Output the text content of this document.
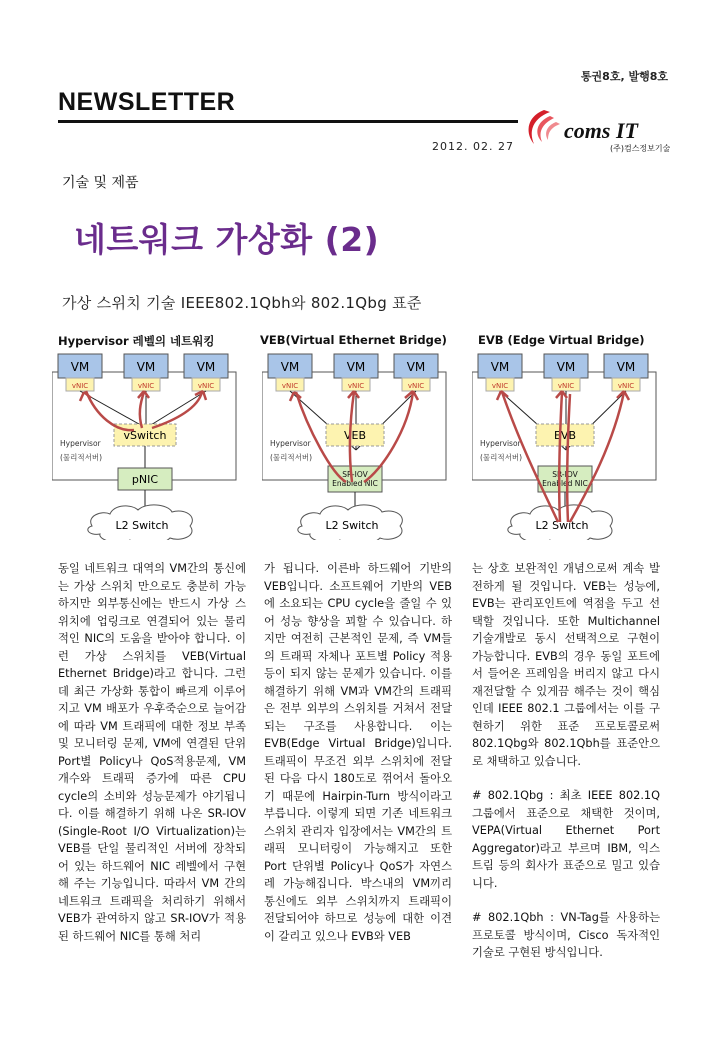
통권8호, 발행8호
NEWSLETTER
2012. 02. 27
coms IT
(주)컴스정보기술
기술 및 제품
네트워크 가상화 (2)
가상 스위치 기술 IEEE802.1Qbh와 802.1Qbg 표준
Hypervisor 레벨의 네트워킹	VEB(Virtual Ethernet Bridge)	EVB (Edge Virtual Bridge)
VM	VM	VM
vNIC	vNIC	vNIC
vSwitch
Hypervisor
(물리적서버)
pNIC
L2 Switch
VM	VM	VM
vNIC	vNIC	vNIC
VEB
Hypervisor
(물리적서버)
SR-IOV Enabled NIC
L2 Switch
VM	VM	VM
vNIC	vNIC	vNIC
EVB
Hypervisor
(물리적서버)
SR-IOV Enabled NIC
L2 Switch

동일 네트워크 대역의 VM간의 통신에는 가상 스위치 만으로도 충분히 가능하지만 외부통신에는 반드시 가상 스위치에 업링크로 연결되어 있는 물리적인 NIC의 도움을 받아야 합니다. 이런 가상 스위치를 VEB(Virtual Ethernet Bridge)라고 합니다. 그런데 최근 가상화 통합이 빠르게 이루어지고 VM 배포가 우후죽순으로 늘어감에 따라 VM 트래픽에 대한 정보 부족 및 모니터링 문제, VM에 연결된 단위 Port별 Policy나 QoS적용문제, VM 개수와 트래픽 증가에 따른 CPU cycle의 소비와 성능문제가 야기됩니다. 이를 해결하기 위해 나온 SR-IOV (Single-Root I/O Virtualization)는 VEB를 단일 물리적인 서버에 장착되어 있는 하드웨어 NIC 레벨에서 구현해 주는 기능입니다. 따라서 VM 간의 네트워크 트래픽을 처리하기 위해서 VEB가 관여하지 않고 SR-IOV가 적용된 하드웨어 NIC를 통해 처리

가 됩니다. 이른바 하드웨어 기반의 VEB입니다. 소프트웨어 기반의 VEB에 소요되는 CPU cycle을 줄일 수 있어 성능 향상을 꾀할 수 있습니다. 하지만 여전히 근본적인 문제, 즉 VM들의 트래픽 자체나 포트별 Policy 적용 등이 되지 않는 문제가 있습니다. 이를 해결하기 위해 VM과 VM간의 트래픽은 전부 외부의 스위치를 거쳐서 전달되는 구조를 사용합니다. 이는 EVB(Edge Virtual Bridge)입니다. 트래픽이 무조건 외부 스위치에 전달된 다음 다시 180도로 꺾어서 돌아오기 때문에 Hairpin-Turn 방식이라고 부릅니다. 이렇게 되면 기존 네트워크 스위치 관리자 입장에서는 VM간의 트래픽 모니터링이 가능해지고 또한 Port 단위별 Policy나 QoS가 자연스레 가능해집니다. 박스내의 VM끼리 통신에도 외부 스위치까지 트래픽이 전달되어야 하므로 성능에 대한 이견이 갈리고 있으나 EVB와 VEB

는 상호 보완적인 개념으로써 계속 발전하게 될 것입니다. VEB는 성능에, EVB는 관리포인트에 역점을 두고 선택할 것입니다. 또한 Multichannel 기술개발로 동시 선택적으로 구현이 가능합니다. EVB의 경우 동일 포트에서 들어온 프레임을 버리지 않고 다시 재전달할 수 있게끔 해주는 것이 핵심인데 IEEE 802.1 그룹에서는 이를 구현하기 위한 표준 프로토콜로써 802.1Qbg와 802.1Qbh를 표준안으로 채택하고 있습니다.

# 802.1Qbg : 최초 IEEE 802.1Q 그룹에서 표준으로 채택한 것이며, VEPA(Virtual Ethernet Port Aggregator)라고 부르며 IBM, 익스트림 등의 회사가 표준으로 밀고 있습니다.

# 802.1Qbh : VN-Tag를 사용하는 프로토콜 방식이며, Cisco 독자적인 기술로 구현된 방식입니다.
